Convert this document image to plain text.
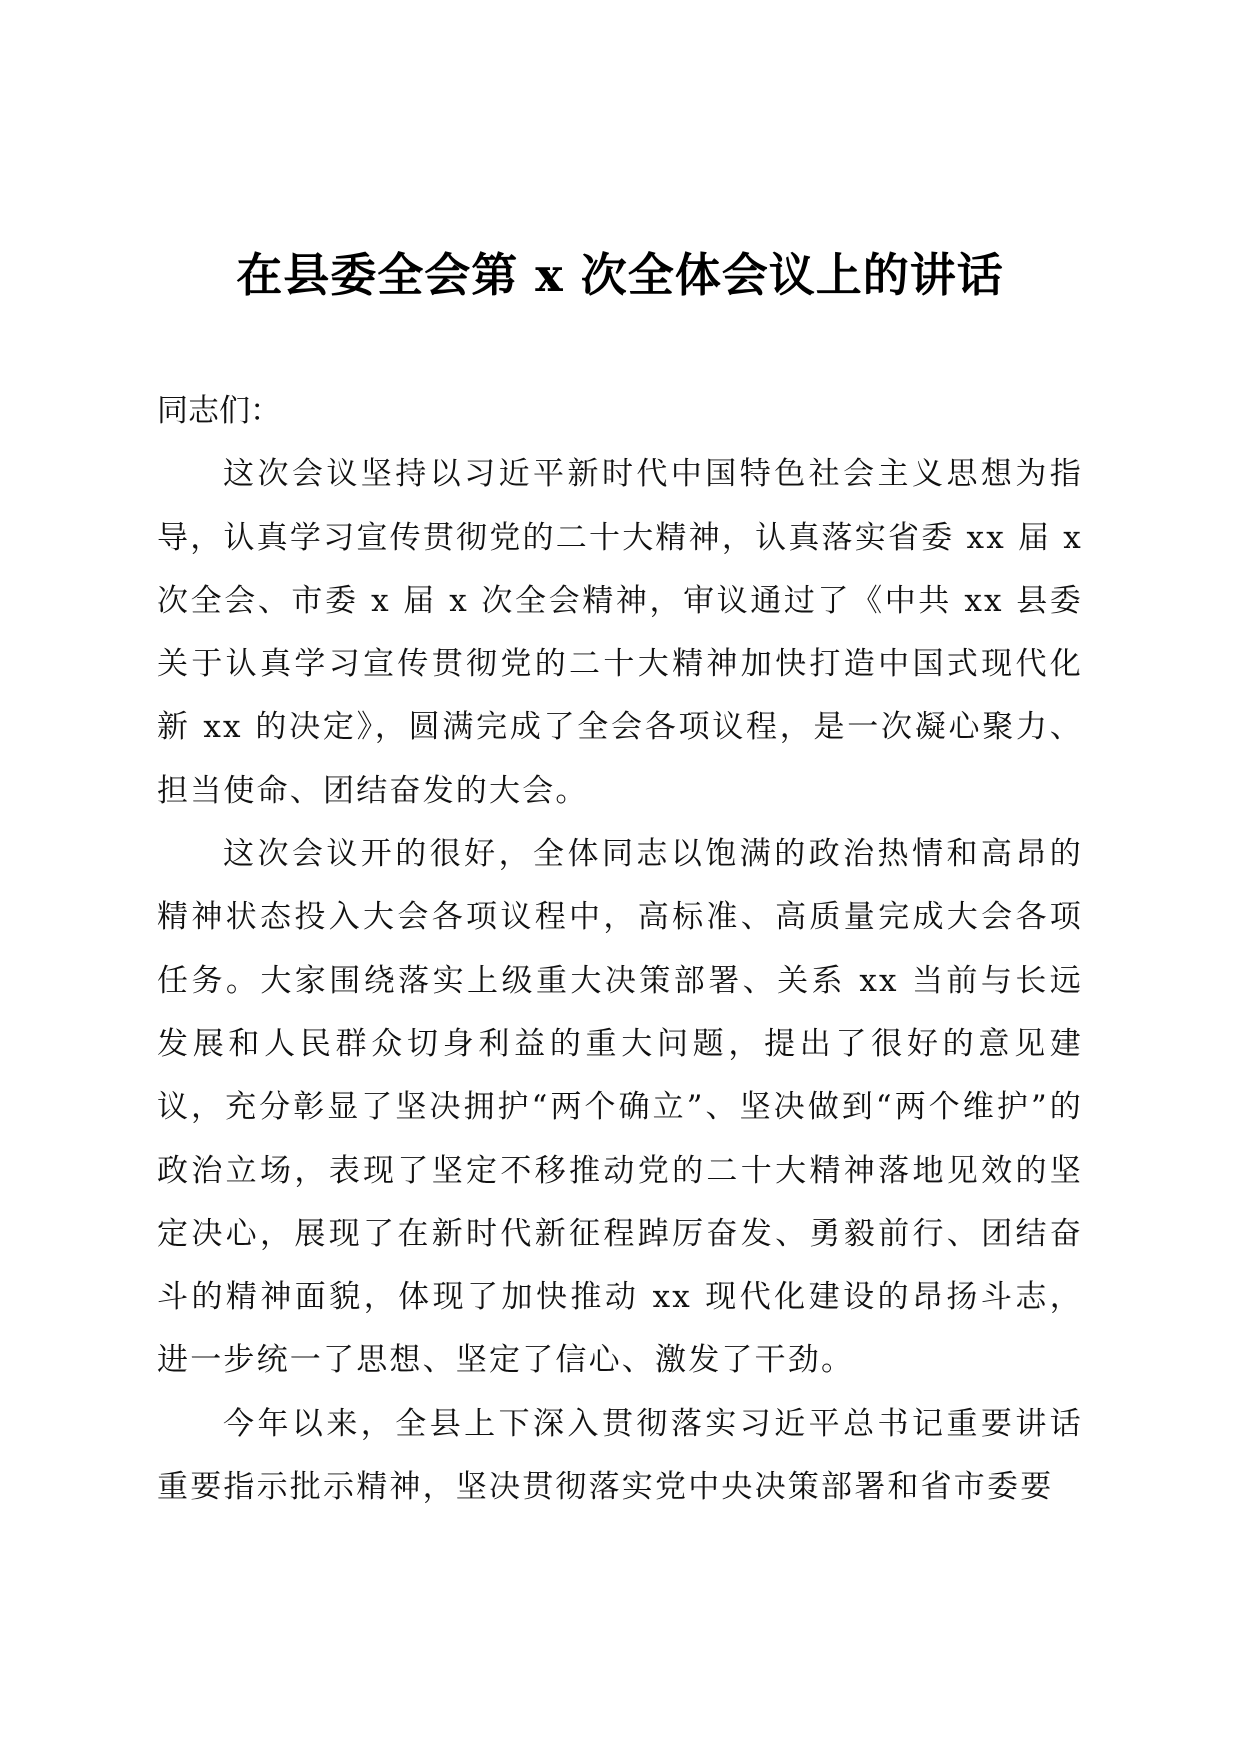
在县委全会第 x 次全体会议上的讲话

同志们：

这次会议坚持以习近平新时代中国特色社会主义思想为指导，认真学习宣传贯彻党的二十大精神，认真落实省委 xx 届 x 次全会、市委 x 届 x 次全会精神，审议通过了《中共 xx 县委关于认真学习宣传贯彻党的二十大精神加快打造中国式现代化新 xx 的决定》，圆满完成了全会各项议程，是一次凝心聚力、担当使命、团结奋发的大会。

这次会议开的很好，全体同志以饱满的政治热情和高昂的精神状态投入大会各项议程中，高标准、高质量完成大会各项任务。大家围绕落实上级重大决策部署、关系 xx 当前与长远发展和人民群众切身利益的重大问题，提出了很好的意见建议，充分彰显了坚决拥护“两个确立”、坚决做到“两个维护”的政治立场，表现了坚定不移推动党的二十大精神落地见效的坚定决心，展现了在新时代新征程踔厉奋发、勇毅前行、团结奋斗的精神面貌，体现了加快推动 xx 现代化建设的昂扬斗志，进一步统一了思想、坚定了信心、激发了干劲。

今年以来，全县上下深入贯彻落实习近平总书记重要讲话重要指示批示精神，坚决贯彻落实党中央决策部署和省市委要
